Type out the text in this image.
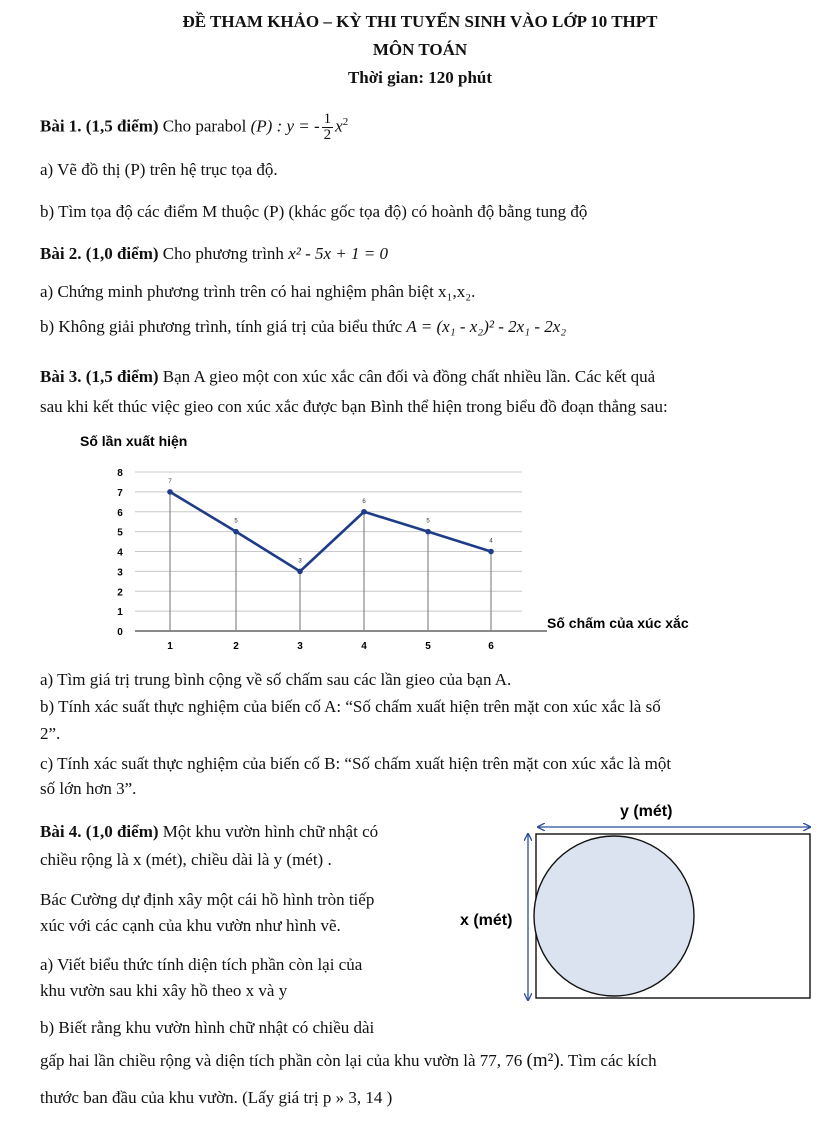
ĐỀ THAM KHẢO – KỲ THI TUYỂN SINH VÀO LỚP 10 THPT
MÔN TOÁN
Thời gian: 120 phút
Bài 1. (1,5 điểm) Cho parabol (P) : y = - $\frac{1}{2} x^2$
a) Vẽ đồ thị (P) trên hệ trục tọa độ.
b) Tìm tọa độ các điểm M thuộc (P) (khác gốc tọa độ) có hoành độ bằng tung độ
Bài 2. (1,0 điểm) Cho phương trình x² - 5x + 1 = 0
a) Chứng minh phương trình trên có hai nghiệm phân biệt x₁,x₂.
b) Không giải phương trình, tính giá trị của biểu thức A = (x₁ - x₂)² - 2x₁ - 2x₂
Bài 3. (1,5 điểm) Bạn A gieo một con xúc xắc cân đối và đồng chất nhiều lần. Các kết quả
sau khi kết thúc việc gieo con xúc xắc được bạn Bình thể hiện trong biểu đồ đoạn thẳng sau:
Số lần xuất hiện
0
1
2
3
4
5
6
7
8
1	2	3	4	5	6
7
5
3
6
5
4
Số chấm của xúc xắc
a) Tìm giá trị trung bình cộng về số chấm sau các lần gieo của bạn A.
b) Tính xác suất thực nghiệm của biến cố A: “Số chấm xuất hiện trên mặt con xúc xắc là số
2”.
c) Tính xác suất thực nghiệm của biến cố B: “Số chấm xuất hiện trên mặt con xúc xắc là một
số lớn hơn 3”.
Bài 4. (1,0 điểm) Một khu vườn hình chữ nhật có
chiều rộng là x (mét), chiều dài là y (mét) .
Bác Cường dự định xây một cái hồ hình tròn tiếp
xúc với các cạnh của khu vườn như hình vẽ.
a) Viết biểu thức tính diện tích phần còn lại của
khu vườn sau khi xây hồ theo x và y
b) Biết rằng khu vườn hình chữ nhật có chiều dài
gấp hai lần chiều rộng và diện tích phần còn lại của khu vườn là 77, 76 (m²). Tìm các kích
thước ban đầu của khu vườn. (Lấy giá trị p » 3, 14 )
y (mét)
x (mét)
